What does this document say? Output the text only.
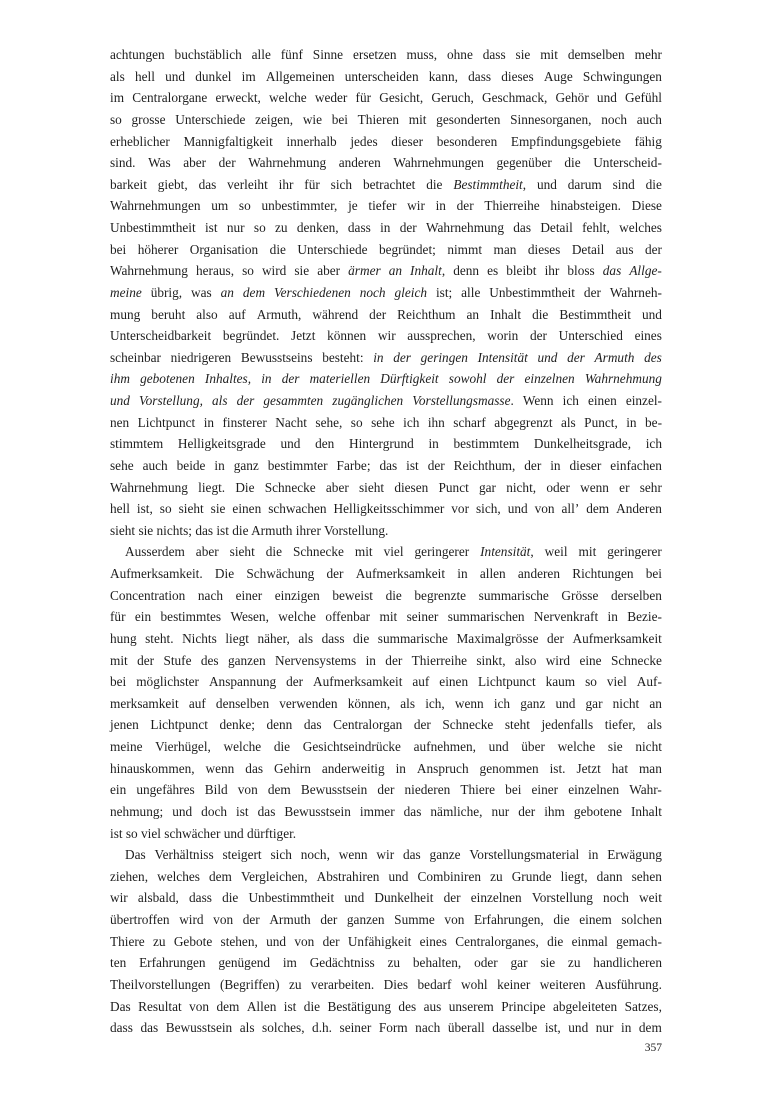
achtungen buchstäblich alle fünf Sinne ersetzen muss, ohne dass sie mit demselben mehr
als hell und dunkel im Allgemeinen unterscheiden kann, dass dieses Auge Schwingungen
im Centralorgane erweckt, welche weder für Gesicht, Geruch, Geschmack, Gehör und Gefühl
so grosse Unterschiede zeigen, wie bei Thieren mit gesonderten Sinnesorganen, noch auch
erheblicher Mannigfaltigkeit innerhalb jedes dieser besonderen Empfindungsgebiete fähig
sind. Was aber der Wahrnehmung anderen Wahrnehmungen gegenüber die Unterscheid-
barkeit giebt, das verleiht ihr für sich betrachtet die Bestimmtheit, und darum sind die
Wahrnehmungen um so unbestimmter, je tiefer wir in der Thierreihe hinabsteigen. Diese
Unbestimmtheit ist nur so zu denken, dass in der Wahrnehmung das Detail fehlt, welches
bei höherer Organisation die Unterschiede begründet; nimmt man dieses Detail aus der
Wahrnehmung heraus, so wird sie aber ärmer an Inhalt, denn es bleibt ihr bloss das Allge-
meine übrig, was an dem Verschiedenen noch gleich ist; alle Unbestimmtheit der Wahrneh-
mung beruht also auf Armuth, während der Reichthum an Inhalt die Bestimmtheit und
Unterscheidbarkeit begründet. Jetzt können wir aussprechen, worin der Unterschied eines
scheinbar niedrigeren Bewusstseins besteht: in der geringen Intensität und der Armuth des
ihm gebotenen Inhaltes, in der materiellen Dürftigkeit sowohl der einzelnen Wahrnehmung
und Vorstellung, als der gesammten zugänglichen Vorstellungsmasse. Wenn ich einen einzel-
nen Lichtpunct in finsterer Nacht sehe, so sehe ich ihn scharf abgegrenzt als Punct, in be-
stimmtem Helligkeitsgrade und den Hintergrund in bestimmtem Dunkelheitsgrade, ich
sehe auch beide in ganz bestimmter Farbe; das ist der Reichthum, der in dieser einfachen
Wahrnehmung liegt. Die Schnecke aber sieht diesen Punct gar nicht, oder wenn er sehr
hell ist, so sieht sie einen schwachen Helligkeitsschimmer vor sich, und von all’ dem Anderen
sieht sie nichts; das ist die Armuth ihrer Vorstellung.
Ausserdem aber sieht die Schnecke mit viel geringerer Intensität, weil mit geringerer
Aufmerksamkeit. Die Schwächung der Aufmerksamkeit in allen anderen Richtungen bei
Concentration nach einer einzigen beweist die begrenzte summarische Grösse derselben
für ein bestimmtes Wesen, welche offenbar mit seiner summarischen Nervenkraft in Bezie-
hung steht. Nichts liegt näher, als dass die summarische Maximalgrösse der Aufmerksamkeit
mit der Stufe des ganzen Nervensystems in der Thierreihe sinkt, also wird eine Schnecke
bei möglichster Anspannung der Aufmerksamkeit auf einen Lichtpunct kaum so viel Auf-
merksamkeit auf denselben verwenden können, als ich, wenn ich ganz und gar nicht an
jenen Lichtpunct denke; denn das Centralorgan der Schnecke steht jedenfalls tiefer, als
meine Vierhügel, welche die Gesichtseindrücke aufnehmen, und über welche sie nicht
hinauskommen, wenn das Gehirn anderweitig in Anspruch genommen ist. Jetzt hat man
ein ungefähres Bild von dem Bewusstsein der niederen Thiere bei einer einzelnen Wahr-
nehmung; und doch ist das Bewusstsein immer das nämliche, nur der ihm gebotene Inhalt
ist so viel schwächer und dürftiger.
Das Verhältniss steigert sich noch, wenn wir das ganze Vorstellungsmaterial in Erwägung
ziehen, welches dem Vergleichen, Abstrahiren und Combiniren zu Grunde liegt, dann sehen
wir alsbald, dass die Unbestimmtheit und Dunkelheit der einzelnen Vorstellung noch weit
übertroffen wird von der Armuth der ganzen Summe von Erfahrungen, die einem solchen
Thiere zu Gebote stehen, und von der Unfähigkeit eines Centralorganes, die einmal gemach-
ten Erfahrungen genügend im Gedächtniss zu behalten, oder gar sie zu handlicheren
Theilvorstellungen (Begriffen) zu verarbeiten. Dies bedarf wohl keiner weiteren Ausführung.
Das Resultat von dem Allen ist die Bestätigung des aus unserem Principe abgeleiteten Satzes,
dass das Bewusstsein als solches, d.h. seiner Form nach überall dasselbe ist, und nur in dem
357
